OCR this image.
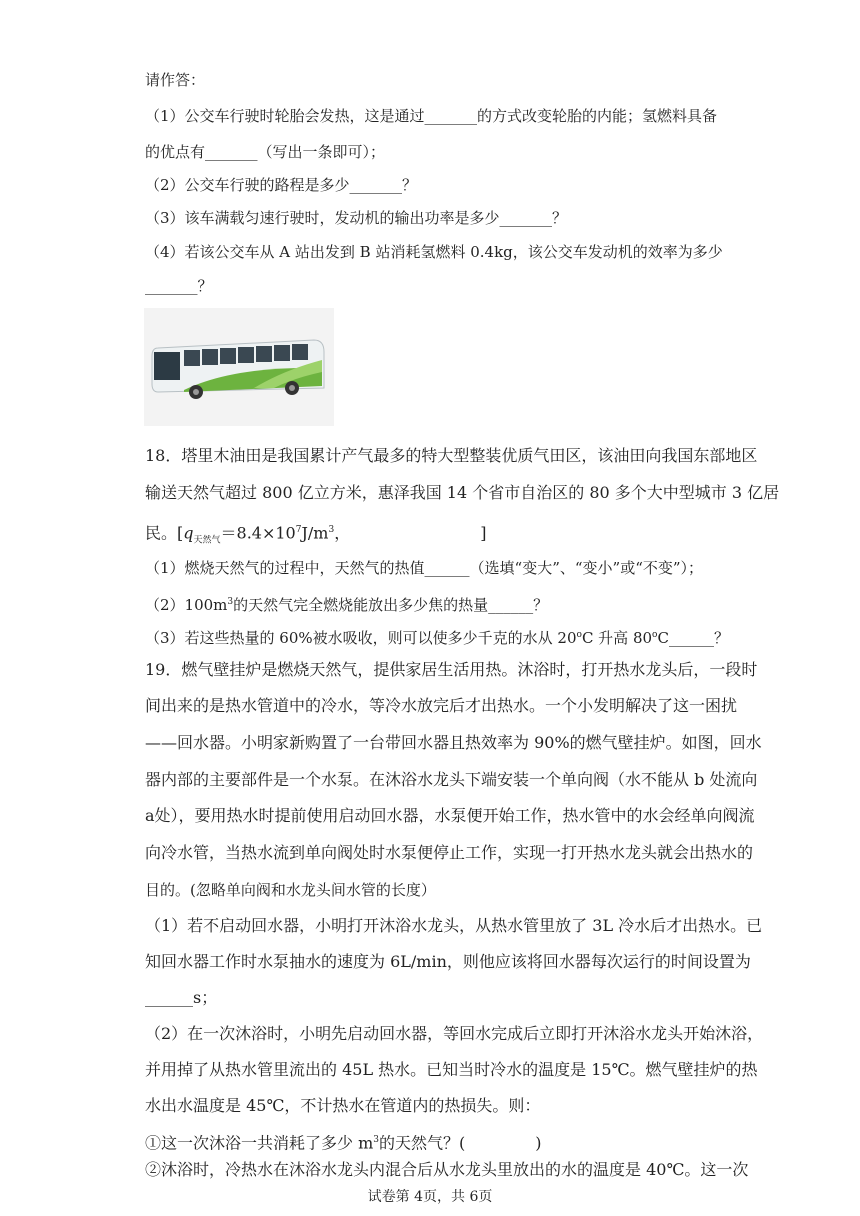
请作答：
（1）公交车行驶时轮胎会发热，这是通过_______的方式改变轮胎的内能；氢燃料具备
的优点有_______（写出一条即可）；
（2）公交车行驶的路程是多少_______？
（3）该车满载匀速行驶时，发动机的输出功率是多少_______？
（4）若该公交车从 A 站出发到 B 站消耗氢燃料 0.4kg，该公交车发动机的效率为多少
_______？
18．塔里木油田是我国累计产气最多的特大型整装优质气田区，该油田向我国东部地区
输送天然气超过 800 亿立方米，惠泽我国 14 个省市自治区的 80 多个大中型城市 3 亿居
民。[$q_{天然气}=8.4\times 10^7J/m^3$，	]
（1）燃烧天然气的过程中，天然气的热值______（选填“变大”、“变小”或“不变”）；
$(2)100m^3$的天然气完全燃烧能放出多少焦的热量______？
（3）若这些热量的 60%被水吸收，则可以使多少千克的水从 20$^o$C 升高 80$^o$C______？
19．燃气壁挂炉是燃烧天然气，提供家居生活用热。沐浴时，打开热水龙头后，一段时
间出来的是热水管道中的冷水，等冷水放完后才出热水。一个小发明解决了这一困扰
——回水器。小明家新购置了一台带回水器且热效率为 90%的燃气壁挂炉。如图，回水
器内部的主要部件是一个水泵。在沐浴水龙头下端安装一个单向阀（水不能从 b 处流向
a处），要用热水时提前使用启动回水器，水泵便开始工作，热水管中的水会经单向阀流
向冷水管，当热水流到单向阀处时水泵便停止工作，实现一打开热水龙头就会出热水的
目的。(忽略单向阀和水龙头间水管的长度）
（1）若不启动回水器，小明打开沐浴水龙头，从热水管里放了 3L 冷水后才出热水。已
知回水器工作时水泵抽水的速度为 6L/min，则他应该将回水器每次运行的时间设置为
______s；
（2）在一次沐浴时，小明先启动回水器，等回水完成后立即打开沐浴水龙头开始沐浴，
并用掉了从热水管里流出的 45L 热水。已知当时冷水的温度是 15℃。燃气壁挂炉的热
水出水温度是 45℃，不计热水在管道内的热损失。则：
①这一次沐浴一共消耗了多少 $m^3$的天然气？(	)
②沐浴时，冷热水在沐浴水龙头内混合后从水龙头里放出的水的温度是 40℃。这一次
试卷第 4页，共 6页
